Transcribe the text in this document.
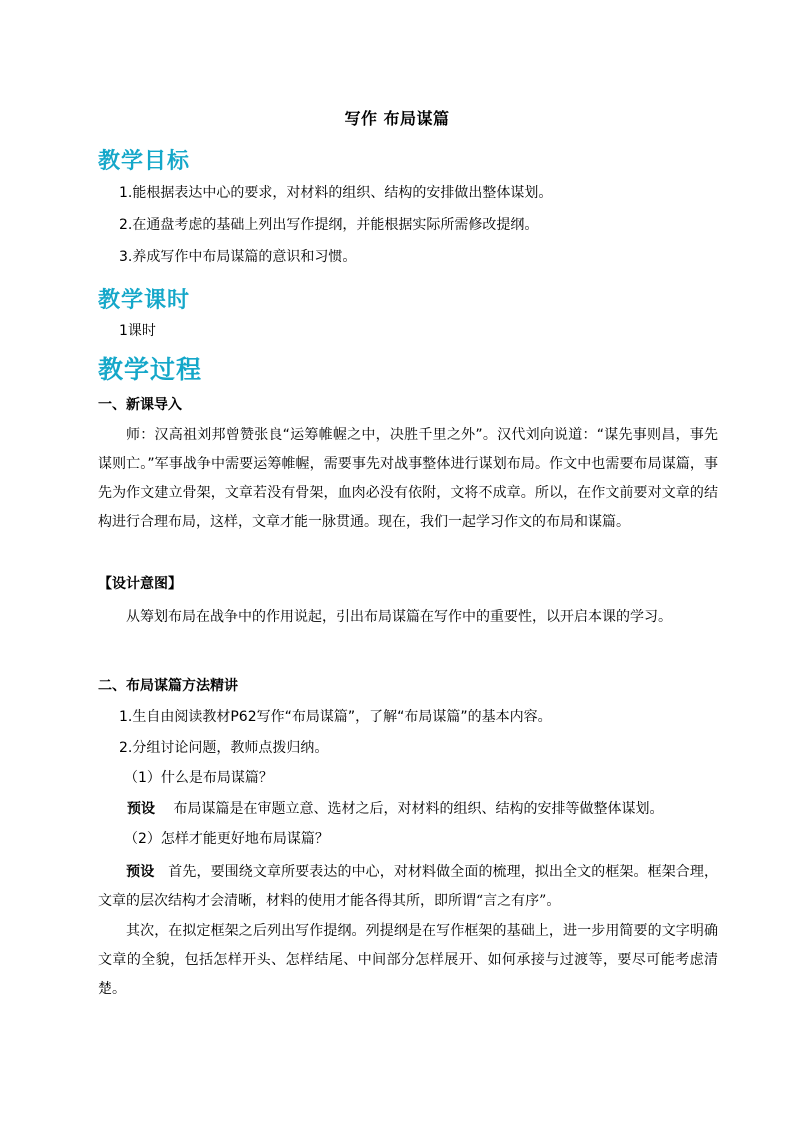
写作 布局谋篇
教学目标
1.能根据表达中心的要求，对材料的组织、结构的安排做出整体谋划。
2.在通盘考虑的基础上列出写作提纲，并能根据实际所需修改提纲。
3.养成写作中布局谋篇的意识和习惯。
教学课时
1课时
教学过程
一、新课导入
师：汉高祖刘邦曾赞张良“运筹帷幄之中，决胜千里之外”。汉代刘向说道：“谋先事则昌，事先谋则亡。”军事战争中需要运筹帷幄，需要事先对战事整体进行谋划布局。作文中也需要布局谋篇，事先为作文建立骨架，文章若没有骨架，血肉必没有依附，文将不成章。所以，在作文前要对文章的结构进行合理布局，这样，文章才能一脉贯通。现在，我们一起学习作文的布局和谋篇。
【设计意图】
从筹划布局在战争中的作用说起，引出布局谋篇在写作中的重要性，以开启本课的学习。
二、布局谋篇方法精讲
1.生自由阅读教材P62写作“布局谋篇”，了解“布局谋篇”的基本内容。
2.分组讨论问题，教师点拨归纳。
（1）什么是布局谋篇？
预设 布局谋篇是在审题立意、选材之后，对材料的组织、结构的安排等做整体谋划。
（2）怎样才能更好地布局谋篇？
预设 首先，要围绕文章所要表达的中心，对材料做全面的梳理，拟出全文的框架。框架合理，文章的层次结构才会清晰，材料的使用才能各得其所，即所谓“言之有序”。
其次，在拟定框架之后列出写作提纲。列提纲是在写作框架的基础上，进一步用简要的文字明确文章的全貌，包括怎样开头、怎样结尾、中间部分怎样展开、如何承接与过渡等，要尽可能考虑清楚。
